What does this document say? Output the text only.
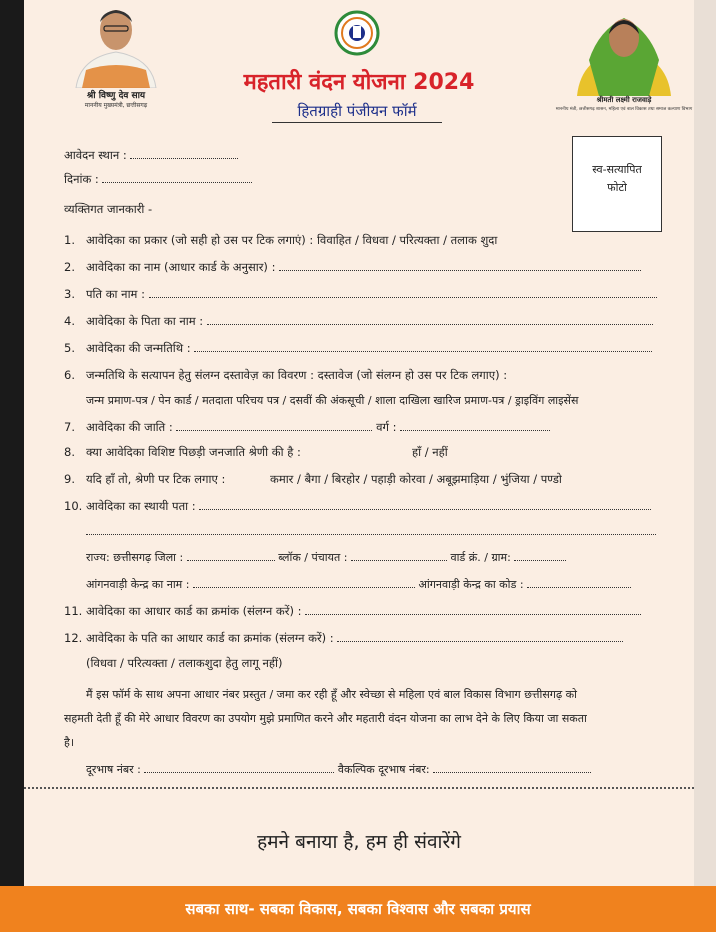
श्री विष्णु देव साय
माननीय मुख्यमंत्री, छत्तीसगढ़
महतारी वंदन योजना 2024
हितग्राही पंजीयन फॉर्म
श्रीमती लक्ष्मी राजवाड़े
माननीय मंत्री, छत्तीसगढ़ शासन, महिला एवं बाल विकास तथा समाज कल्याण विभाग
स्व-सत्यापित
फोटो
आवेदन स्थान :
दिनांक :
व्यक्तिगत जानकारी -
1. आवेदिका का प्रकार (जो सही हो उस पर टिक लगाएं) : विवाहित / विधवा / परित्यक्ता / तलाक शुदा
2. आवेदिका का नाम (आधार कार्ड के अनुसार) :
3. पति का नाम :
4. आवेदिका के पिता का नाम :
5. आवेदिका की जन्मतिथि :
6. जन्मतिथि के सत्यापन हेतु संलग्न दस्तावेज़ का विवरण : दस्तावेज (जो संलग्न हो उस पर टिक लगाए) :
जन्म प्रमाण-पत्र / पेन कार्ड / मतदाता परिचय पत्र / दसवीं की अंकसूची / शाला दाखिला खारिज प्रमाण-पत्र / ड्राइविंग लाइसेंस
7. आवेदिका की जाति :	वर्ग :
8. क्या आवेदिका विशिष्ट पिछड़ी जनजाति श्रेणी की है :	हाँ / नहीं
9. यदि हाँ तो, श्रेणी पर टिक लगाए :	कमार / बैगा / बिरहोर / पहाड़ी कोरवा / अबूझमाड़िया / भुंजिया / पण्डो
10. आवेदिका का स्थायी पता :
राज्य: छत्तीसगढ़ जिला :	ब्लॉक / पंचायत :	वार्ड क्रं. / ग्राम:
आंगनवाड़ी केन्द्र का नाम :	आंगनवाड़ी केन्द्र का कोड :
11. आवेदिका का आधार कार्ड का क्रमांक (संलग्न करें) :
12. आवेदिका के पति का आधार कार्ड का क्रमांक (संलग्न करें) :
(विधवा / परित्यक्ता / तलाकशुदा हेतु लागू नहीं)
मैं इस फॉर्म के साथ अपना आधार नंबर प्रस्तुत / जमा कर रही हूँ और स्वेच्छा से महिला एवं बाल विकास विभाग छत्तीसगढ़ को
सहमती देती हूँ की मेरे आधार विवरण का उपयोग मुझे प्रमाणित करने और महतारी वंदन योजना का लाभ देने के लिए किया जा सकता
है।
दूरभाष नंबर :	वैकल्पिक दूरभाष नंबर:
हमने बनाया है, हम ही संवारेंगे
सबका साथ- सबका विकास, सबका विश्वास और सबका प्रयास
